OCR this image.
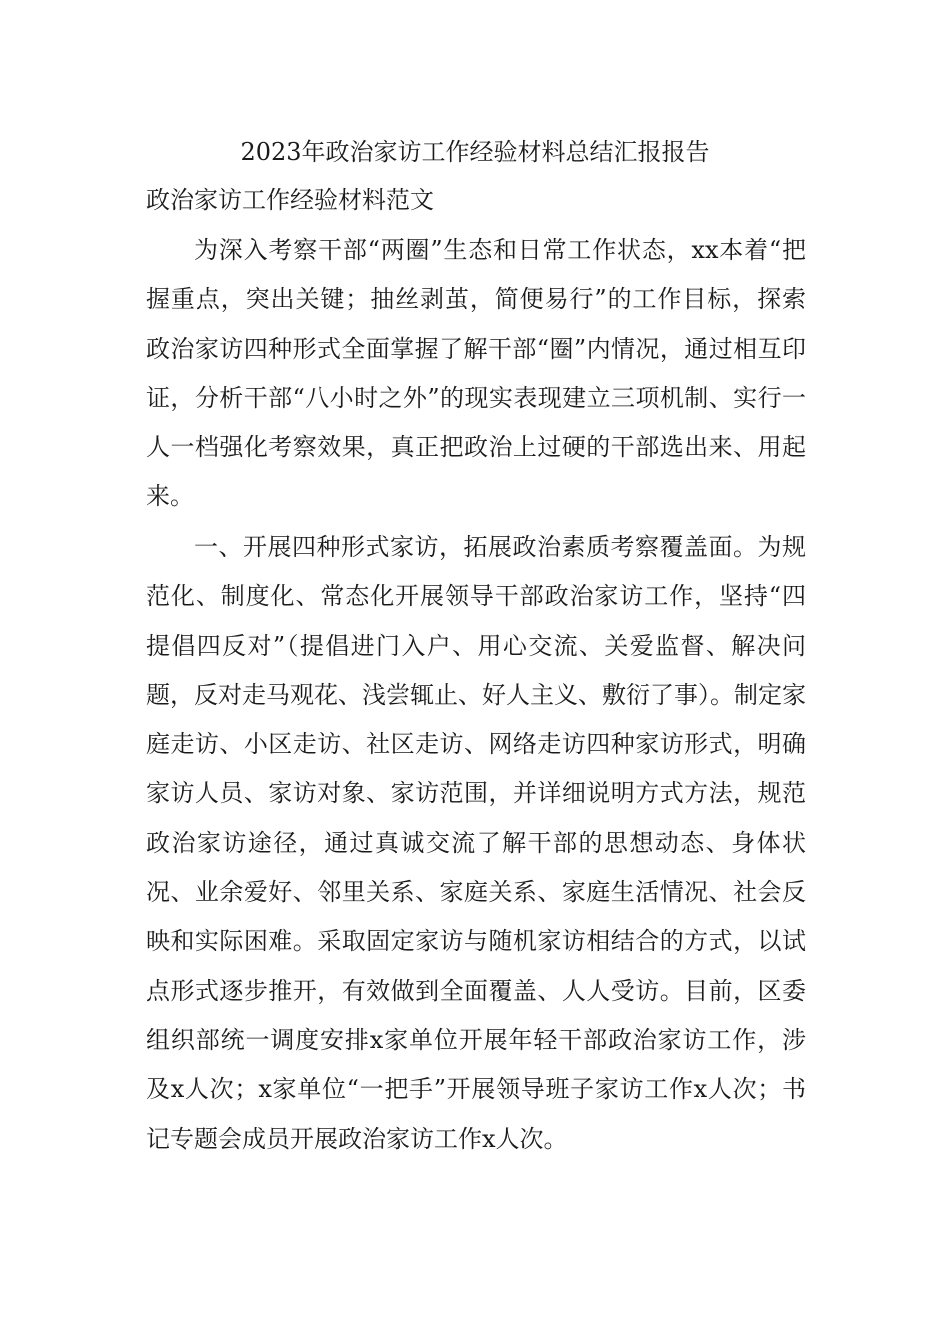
2023年政治家访工作经验材料总结汇报报告
政治家访工作经验材料范文

为深入考察干部“两圈”生态和日常工作状态，xx本着“把握重点，突出关键；抽丝剥茧，简便易行”的工作目标，探索政治家访四种形式全面掌握了解干部“圈”内情况，通过相互印证，分析干部“八小时之外”的现实表现建立三项机制、实行一人一档强化考察效果，真正把政治上过硬的干部选出来、用起来。

一、开展四种形式家访，拓展政治素质考察覆盖面。为规范化、制度化、常态化开展领导干部政治家访工作，坚持“四提倡四反对”（提倡进门入户、用心交流、关爱监督、解决问题，反对走马观花、浅尝辄止、好人主义、敷衍了事）。制定家庭走访、小区走访、社区走访、网络走访四种家访形式，明确家访人员、家访对象、家访范围，并详细说明方式方法，规范政治家访途径，通过真诚交流了解干部的思想动态、身体状况、业余爱好、邻里关系、家庭关系、家庭生活情况、社会反映和实际困难。采取固定家访与随机家访相结合的方式，以试点形式逐步推开，有效做到全面覆盖、人人受访。目前，区委组织部统一调度安排x家单位开展年轻干部政治家访工作，涉及x人次；x家单位“一把手”开展领导班子家访工作x人次；书记专题会成员开展政治家访工作x人次。
